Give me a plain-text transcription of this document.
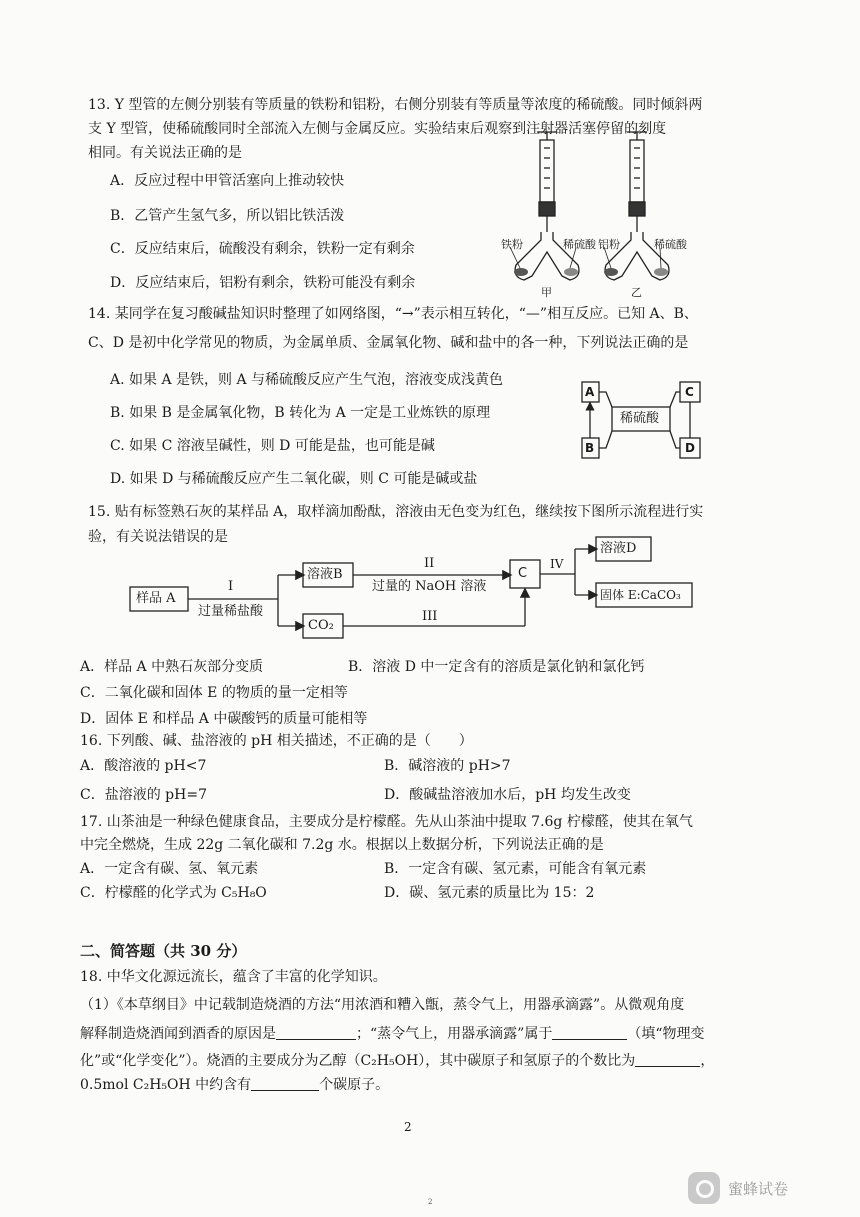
13. Y 型管的左侧分别装有等质量的铁粉和铝粉，右侧分别装有等质量等浓度的稀硫酸。同时倾斜两
支 Y 型管，使稀硫酸同时全部流入左侧与金属反应。实验结束后观察到注射器活塞停留的刻度
相同。有关说法正确的是
A．反应过程中甲管活塞向上推动较快
B．乙管产生氢气多，所以铝比铁活泼
C．反应结束后，硫酸没有剩余，铁粉一定有剩余
D．反应结束后，铝粉有剩余，铁粉可能没有剩余
铁粉	稀硫酸 铝粉	稀硫酸
甲	乙
14. 某同学在复习酸碱盐知识时整理了如网络图，“→”表示相互转化，“—”相互反应。已知 A、B、
C、D 是初中化学常见的物质，为金属单质、金属氧化物、碱和盐中的各一种，下列说法正确的是
A. 如果 A 是铁，则 A 与稀硫酸反应产生气泡，溶液变成浅黄色
B. 如果 B 是金属氧化物，B 转化为 A 一定是工业炼铁的原理
C. 如果 C 溶液呈碱性，则 D 可能是盐，也可能是碱
D. 如果 D 与稀硫酸反应产生二氧化碳，则 C 可能是碱或盐
A
B
C
D
稀硫酸
15. 贴有标签熟石灰的某样品 A，取样滴加酚酞，溶液由无色变为红色，继续按下图所示流程进行实
验，有关说法错误的是
样品 A
I
过量稀盐酸
溶液B
CO₂
II
过量的 NaOH 溶液
III
C
IV
溶液D
固体 E:CaCO₃
A．样品 A 中熟石灰部分变质	B．溶液 D 中一定含有的溶质是氯化钠和氯化钙
C．二氧化碳和固体 E 的物质的量一定相等
D．固体 E 和样品 A 中碳酸钙的质量可能相等
16. 下列酸、碱、盐溶液的 pH 相关描述，不正确的是（　　）
A．酸溶液的 pH<7	B．碱溶液的 pH>7
C．盐溶液的 pH=7	D．酸碱盐溶液加水后，pH 均发生改变
17. 山茶油是一种绿色健康食品，主要成分是柠檬醛。先从山茶油中提取 7.6g 柠檬醛，使其在氧气
中完全燃烧，生成 22g 二氧化碳和 7.2g 水。根据以上数据分析，下列说法正确的是
A．一定含有碳、氢、氧元素	B．一定含有碳、氢元素，可能含有氧元素
C．柠檬醛的化学式为 C₅H₈O	D．碳、氢元素的质量比为 15：2
二、简答题（共 30 分）
18. 中华文化源远流长，蕴含了丰富的化学知识。
（1）《本草纲目》中记载制造烧酒的方法“用浓酒和糟入甑，蒸令气上，用器承滴露”。从微观角度
解释制造烧酒闻到酒香的原因是	；“蒸令气上，用器承滴露”属于	（填“物理变
化”或“化学变化”）。烧酒的主要成分为乙醇（C₂H₅OH），其中碳原子和氢原子的个数比为	，
0.5mol C₂H₅OH 中约含有	个碳原子。
2
2
蜜蜂试卷
